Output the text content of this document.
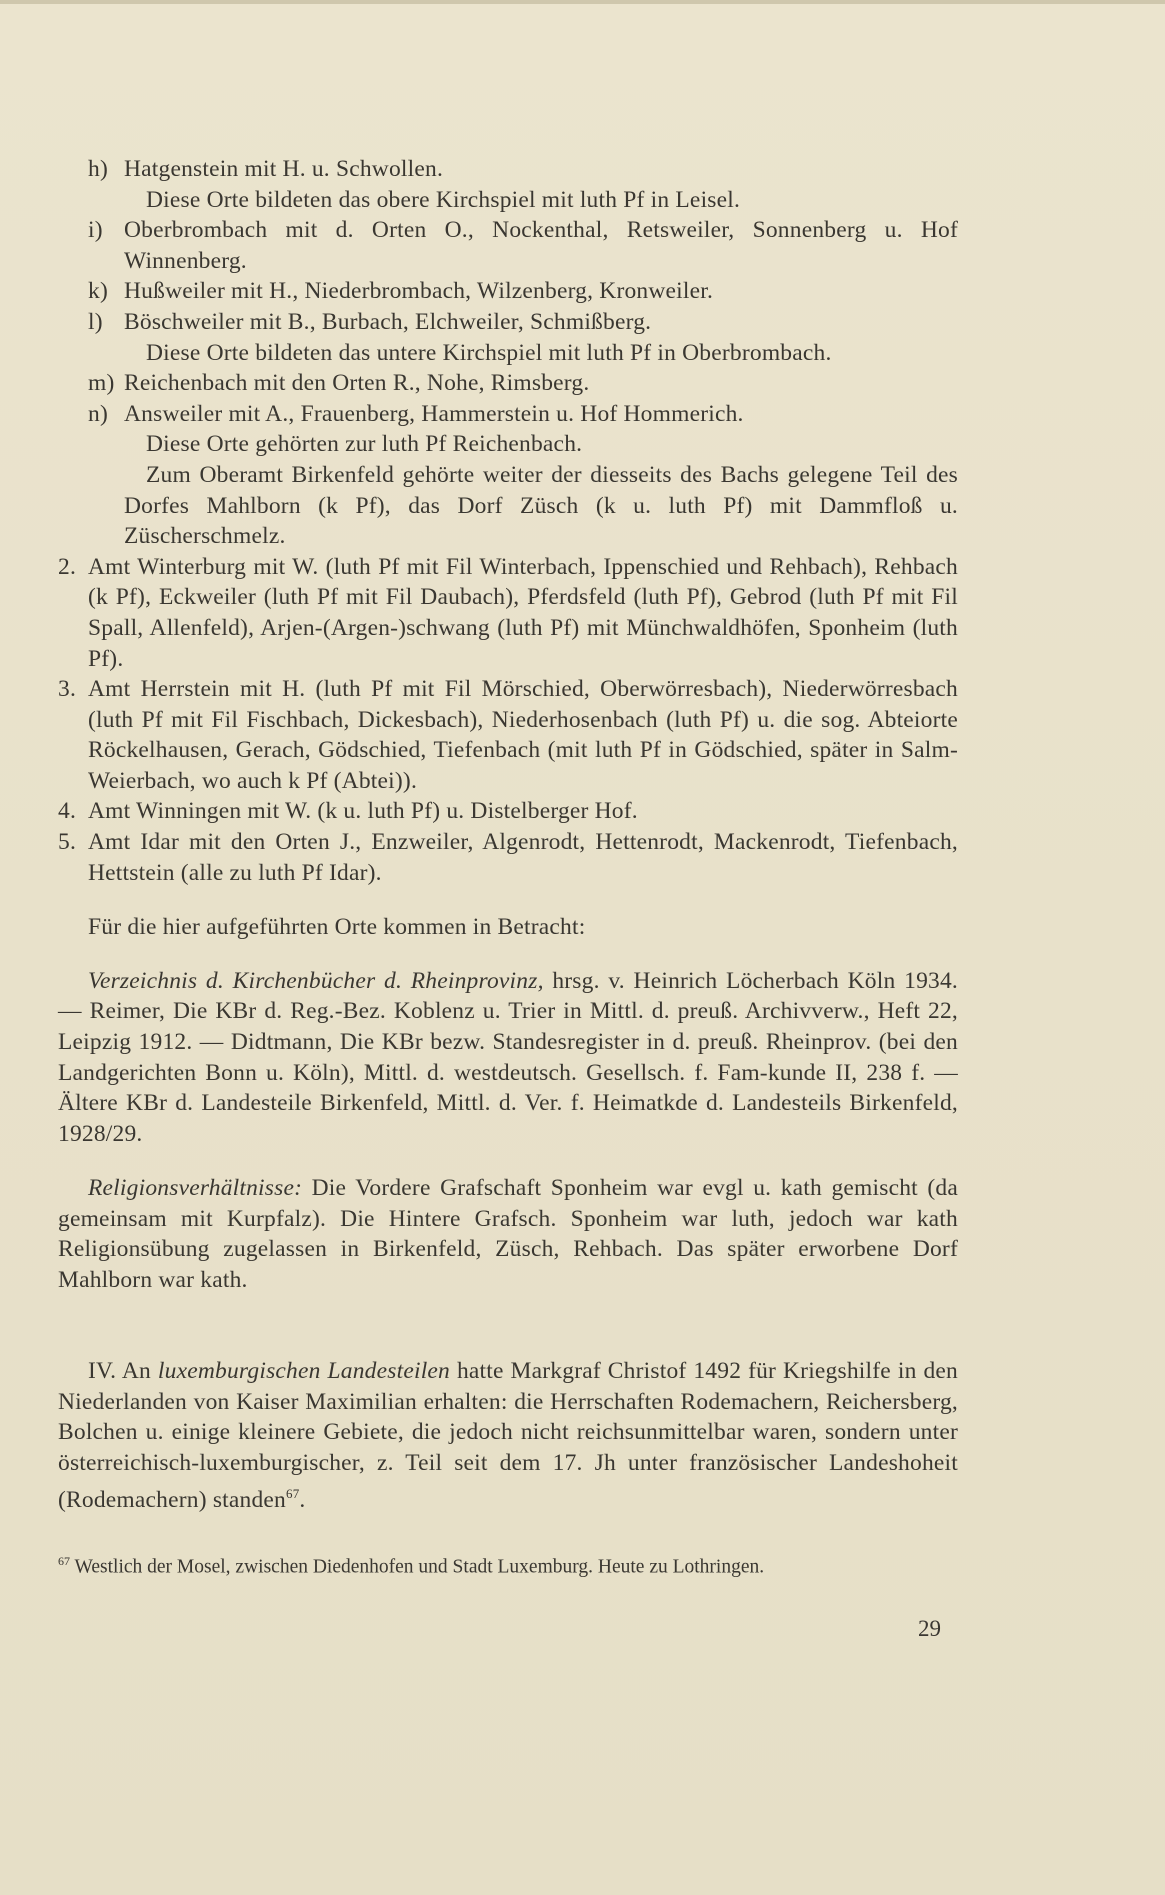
h) Hatgenstein mit H. u. Schwollen.
Diese Orte bildeten das obere Kirchspiel mit luth Pf in Leisel.
i) Oberbrombach mit d. Orten O., Nockenthal, Retsweiler, Sonnenberg u. Hof Winnenberg.
k) Hußweiler mit H., Niederbrombach, Wilzenberg, Kronweiler.
l) Böschweiler mit B., Burbach, Elchweiler, Schmißberg.
Diese Orte bildeten das untere Kirchspiel mit luth Pf in Oberbrombach.
m) Reichenbach mit den Orten R., Nohe, Rimsberg.
n) Answeiler mit A., Frauenberg, Hammerstein u. Hof Hommerich.
Diese Orte gehörten zur luth Pf Reichenbach.
Zum Oberamt Birkenfeld gehörte weiter der diesseits des Bachs gelegene Teil des Dorfes Mahlborn (k Pf), das Dorf Züsch (k u. luth Pf) mit Dammfloß u. Züscherschmelz.
2. Amt Winterburg mit W. (luth Pf mit Fil Winterbach, Ippenschied und Rehbach), Rehbach (k Pf), Eckweiler (luth Pf mit Fil Daubach), Pferdsfeld (luth Pf), Gebrod (luth Pf mit Fil Spall, Allenfeld), Arjen-(Argen-)schwang (luth Pf) mit Münchwaldhöfen, Sponheim (luth Pf).
3. Amt Herrstein mit H. (luth Pf mit Fil Mörschied, Oberwörresbach), Niederwörresbach (luth Pf mit Fil Fischbach, Dickesbach), Niederhosenbach (luth Pf) u. die sog. Abteiorte Röckelhausen, Gerach, Gödschied, Tiefenbach (mit luth Pf in Gödschied, später in Salm-Weierbach, wo auch k Pf (Abtei)).
4. Amt Winningen mit W. (k u. luth Pf) u. Distelberger Hof.
5. Amt Idar mit den Orten J., Enzweiler, Algenrodt, Hettenrodt, Mackenrodt, Tiefenbach, Hettstein (alle zu luth Pf Idar).

Für die hier aufgeführten Orte kommen in Betracht:

Verzeichnis d. Kirchenbücher d. Rheinprovinz, hrsg. v. Heinrich Löcherbach Köln 1934. — Reimer, Die KBr d. Reg.-Bez. Koblenz u. Trier in Mittl. d. preuß. Archivverw., Heft 22, Leipzig 1912. — Didtmann, Die KBr bezw. Standesregister in d. preuß. Rheinprov. (bei den Landgerichten Bonn u. Köln), Mittl. d. westdeutsch. Gesellsch. f. Fam-kunde II, 238 f. — Ältere KBr d. Landesteile Birkenfeld, Mittl. d. Ver. f. Heimatkde d. Landesteils Birkenfeld, 1928/29.

Religionsverhältnisse: Die Vordere Grafschaft Sponheim war evgl u. kath gemischt (da gemeinsam mit Kurpfalz). Die Hintere Grafsch. Sponheim war luth, jedoch war kath Religionsübung zugelassen in Birkenfeld, Züsch, Rehbach. Das später erworbene Dorf Mahlborn war kath.

IV. An luxemburgischen Landesteilen hatte Markgraf Christof 1492 für Kriegshilfe in den Niederlanden von Kaiser Maximilian erhalten: die Herrschaften Rodemachern, Reichersberg, Bolchen u. einige kleinere Gebiete, die jedoch nicht reichsunmittelbar waren, sondern unter österreichisch-luxemburgischer, z. Teil seit dem 17. Jh unter französischer Landeshoheit (Rodemachern) standen$^{67}$.

$^{67}$ Westlich der Mosel, zwischen Diedenhofen und Stadt Luxemburg. Heute zu Lothringen.
29
